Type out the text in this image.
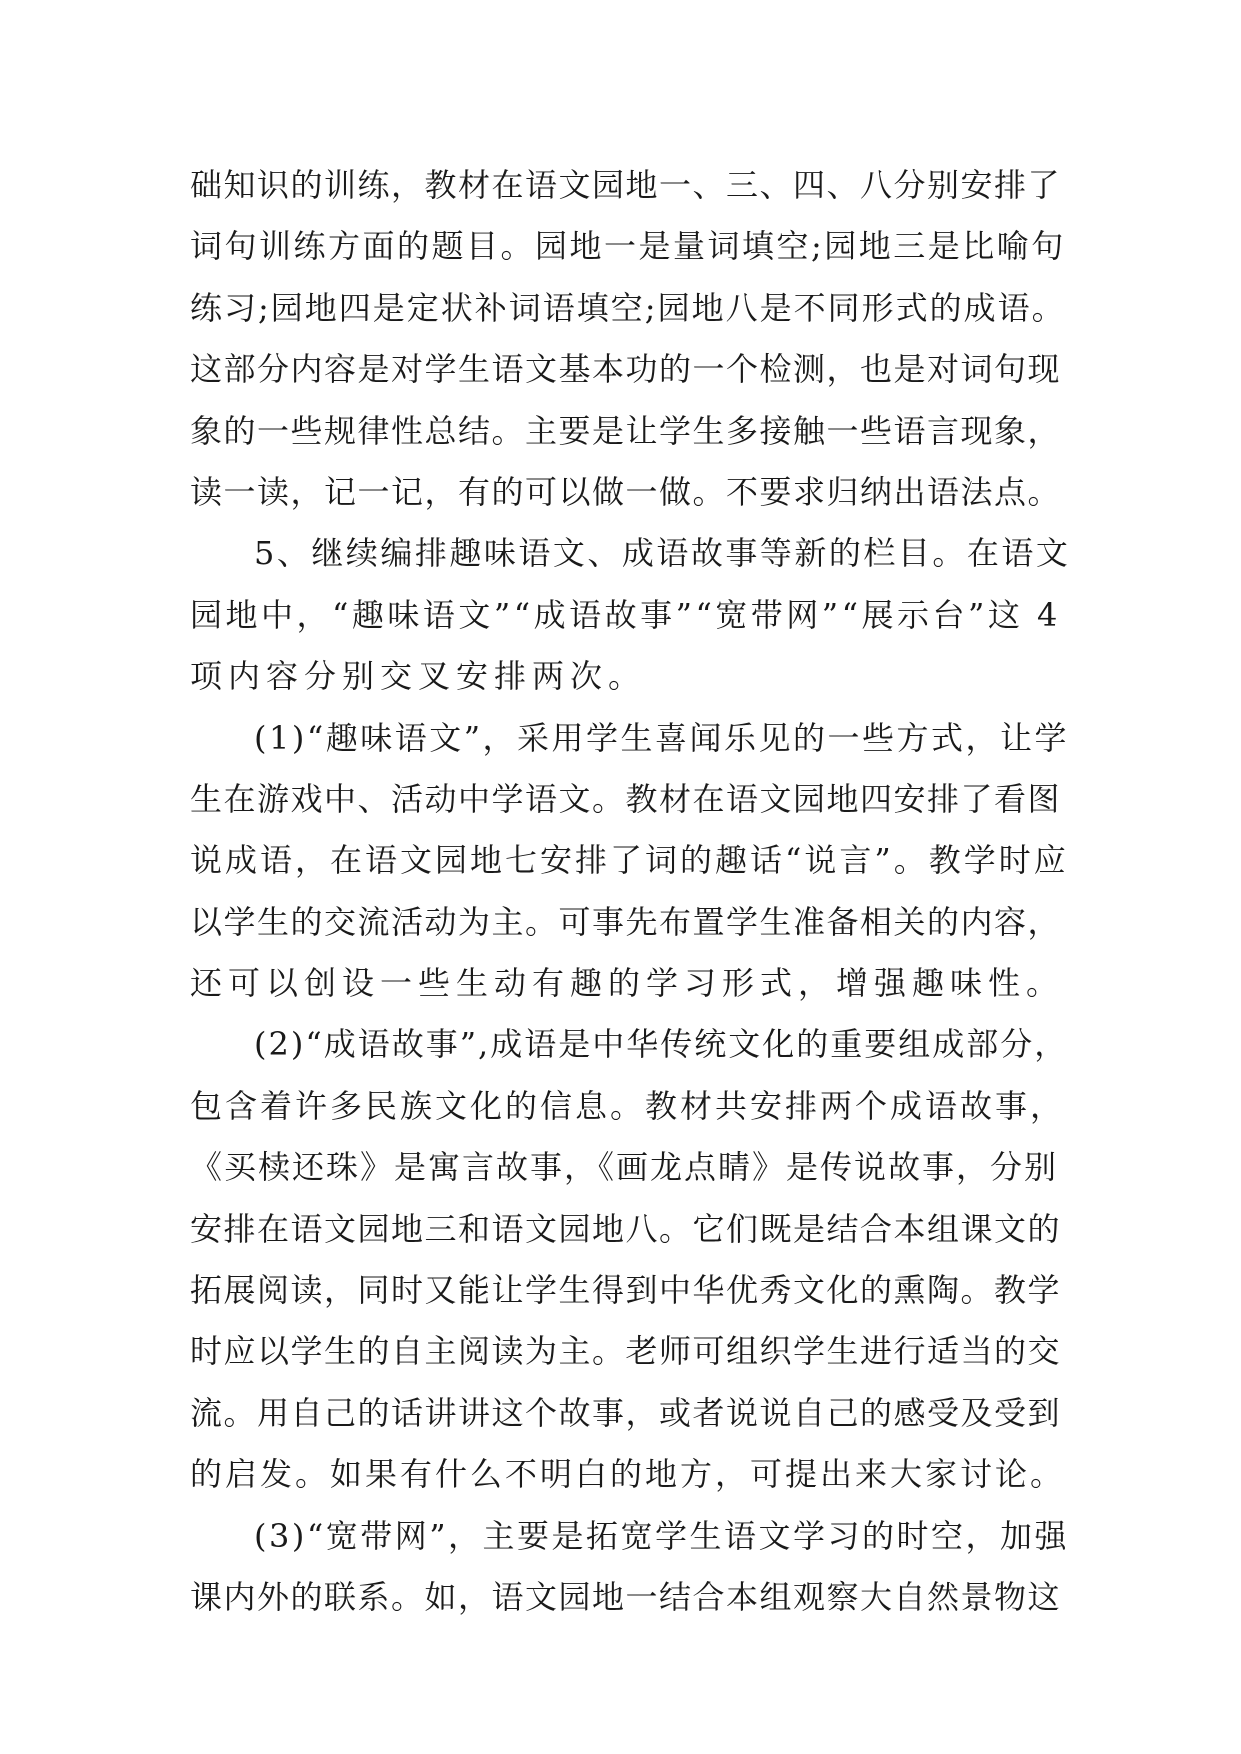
础知识的训练，教材在语文园地一、三、四、八分别安排了
词句训练方面的题目。园地一是量词填空;园地三是比喻句
练习;园地四是定状补词语填空;园地八是不同形式的成语。
这部分内容是对学生语文基本功的一个检测，也是对词句现
象的一些规律性总结。主要是让学生多接触一些语言现象，
读一读，记一记，有的可以做一做。不要求归纳出语法点。
5、继续编排趣味语文、成语故事等新的栏目。在语文
园地中，“趣味语文”“成语故事”“宽带网”“展示台”这 4
项内容分别交叉安排两次。
(1)“趣味语文”，采用学生喜闻乐见的一些方式，让学
生在游戏中、活动中学语文。教材在语文园地四安排了看图
说成语，在语文园地七安排了词的趣话“说言”。教学时应
以学生的交流活动为主。可事先布置学生准备相关的内容，
还可以创设一些生动有趣的学习形式，增强趣味性。
(2)“成语故事”,成语是中华传统文化的重要组成部分，
包含着许多民族文化的信息。教材共安排两个成语故事，
《买椟还珠》是寓言故事，《画龙点睛》是传说故事，分别
安排在语文园地三和语文园地八。它们既是结合本组课文的
拓展阅读，同时又能让学生得到中华优秀文化的熏陶。教学
时应以学生的自主阅读为主。老师可组织学生进行适当的交
流。用自己的话讲讲这个故事，或者说说自己的感受及受到
的启发。如果有什么不明白的地方，可提出来大家讨论。
(3)“宽带网”，主要是拓宽学生语文学习的时空，加强
课内外的联系。如，语文园地一结合本组观察大自然景物这
